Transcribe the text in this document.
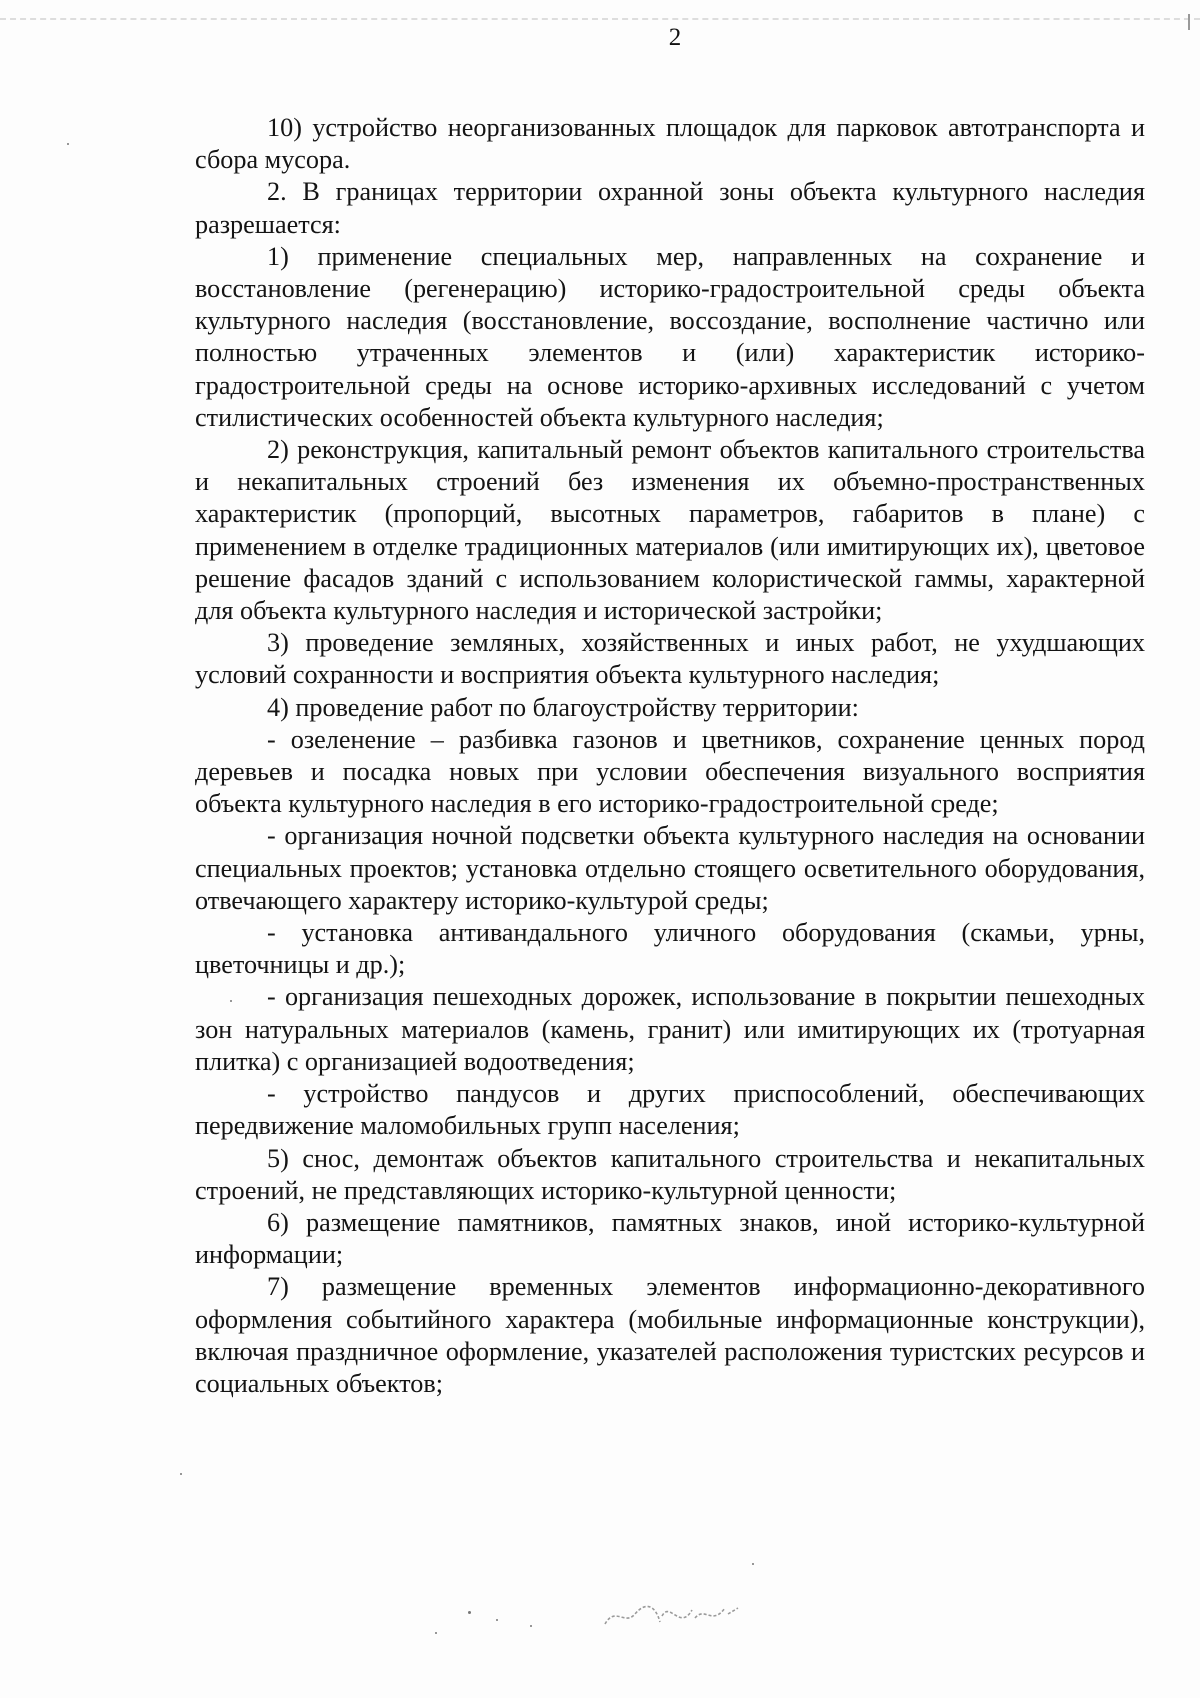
2

10) устройство неорганизованных площадок для парковок автотранспорта и сбора мусора.

2. В границах территории охранной зоны объекта культурного наследия разрешается:

1) применение специальных мер, направленных на сохранение и восстановление (регенерацию) историко-градостроительной среды объекта культурного наследия (восстановление, воссоздание, восполнение частично или полностью утраченных элементов и (или) характеристик историко-градостроительной среды на основе историко-архивных исследований с учетом стилистических особенностей объекта культурного наследия;

2) реконструкция, капитальный ремонт объектов капитального строительства и некапитальных строений без изменения их объемно-пространственных характеристик (пропорций, высотных параметров, габаритов в плане) с применением в отделке традиционных материалов (или имитирующих их), цветовое решение фасадов зданий с использованием колористической гаммы, характерной для объекта культурного наследия и исторической застройки;

3) проведение земляных, хозяйственных и иных работ, не ухудшающих условий сохранности и восприятия объекта культурного наследия;

4) проведение работ по благоустройству территории:

- озеленение – разбивка газонов и цветников, сохранение ценных пород деревьев и посадка новых при условии обеспечения визуального восприятия объекта культурного наследия в его историко-градостроительной среде;

- организация ночной подсветки объекта культурного наследия на основании специальных проектов; установка отдельно стоящего осветительного оборудования, отвечающего характеру историко-культурой среды;

- установка антивандального уличного оборудования (скамьи, урны, цветочницы и др.);

- организация пешеходных дорожек, использование в покрытии пешеходных зон натуральных материалов (камень, гранит) или имитирующих их (тротуарная плитка) с организацией водоотведения;

- устройство пандусов и других приспособлений, обеспечивающих передвижение маломобильных групп населения;

5) снос, демонтаж объектов капитального строительства и некапитальных строений, не представляющих историко-культурной ценности;

6) размещение памятников, памятных знаков, иной историко-культурной информации;

7) размещение временных элементов информационно-декоративного оформления событийного характера (мобильные информационные конструкции), включая праздничное оформление, указателей расположения туристских ресурсов и социальных объектов;
